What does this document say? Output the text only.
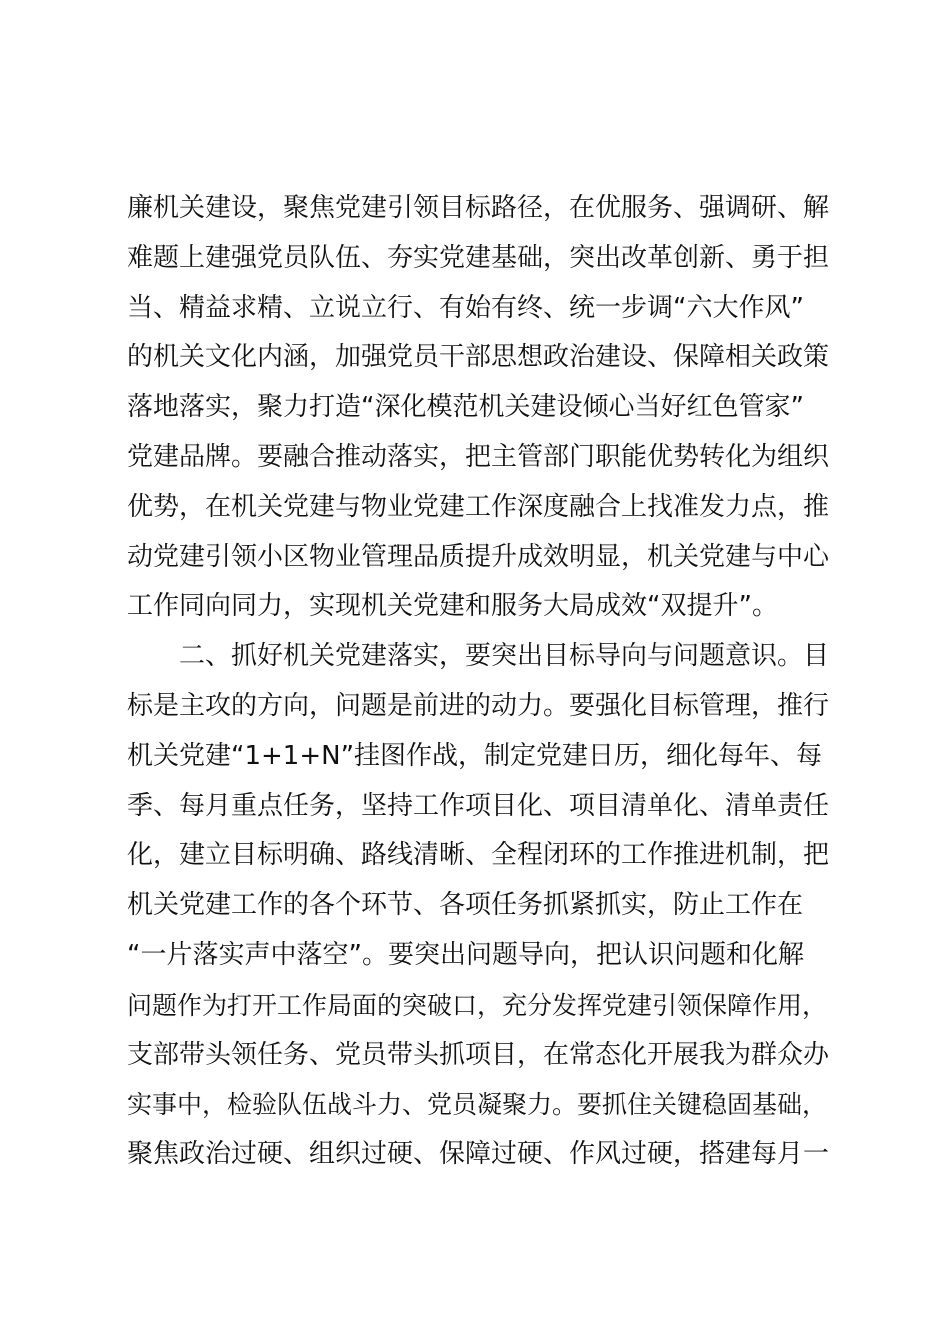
廉机关建设，聚焦党建引领目标路径，在优服务、强调研、解
难题上建强党员队伍、夯实党建基础，突出改革创新、勇于担
当、精益求精、立说立行、有始有终、统一步调“六大作风”
的机关文化内涵，加强党员干部思想政治建设、保障相关政策
落地落实，聚力打造“深化模范机关建设倾心当好红色管家”
党建品牌。要融合推动落实，把主管部门职能优势转化为组织
优势，在机关党建与物业党建工作深度融合上找准发力点，推
动党建引领小区物业管理品质提升成效明显，机关党建与中心
工作同向同力，实现机关党建和服务大局成效“双提升”。
二、抓好机关党建落实，要突出目标导向与问题意识。目
标是主攻的方向，问题是前进的动力。要强化目标管理，推行
机关党建“1+1+N”挂图作战，制定党建日历，细化每年、每
季、每月重点任务，坚持工作项目化、项目清单化、清单责任
化，建立目标明确、路线清晰、全程闭环的工作推进机制，把
机关党建工作的各个环节、各项任务抓紧抓实，防止工作在
“一片落实声中落空”。要突出问题导向，把认识问题和化解
问题作为打开工作局面的突破口，充分发挥党建引领保障作用，
支部带头领任务、党员带头抓项目，在常态化开展我为群众办
实事中，检验队伍战斗力、党员凝聚力。要抓住关键稳固基础，
聚焦政治过硬、组织过硬、保障过硬、作风过硬，搭建每月一
